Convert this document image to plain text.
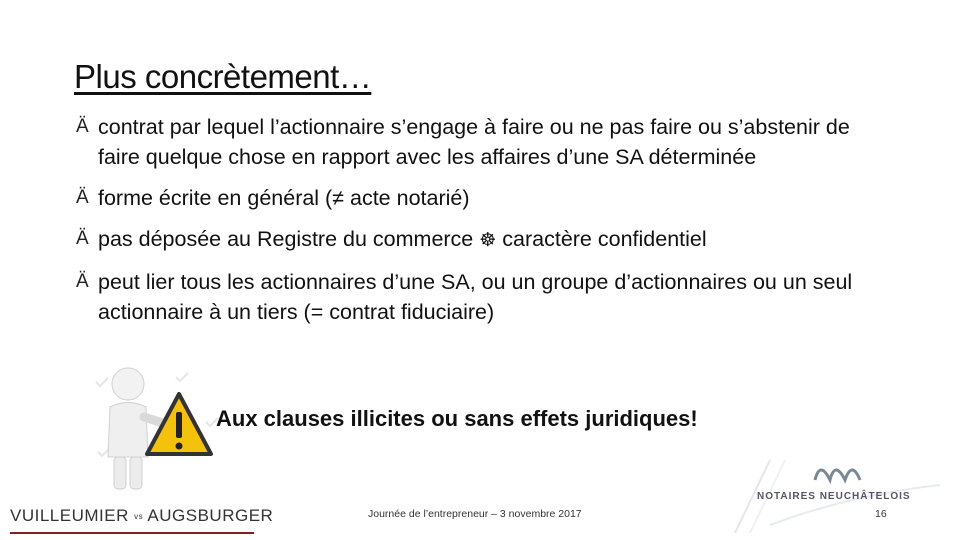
Plus concrètement…
Ä contrat par lequel l’actionnaire s’engage à faire ou ne pas faire ou s’abstenir de faire quelque chose en rapport avec les affaires d’une SA déterminée
Ä forme écrite en général (≠ acte notarié)
Ä pas déposée au Registre du commerce ☸ caractère confidentiel
Ä peut lier tous les actionnaires d’une SA, ou un groupe d’actionnaires ou un seul actionnaire à un tiers (= contrat fiduciaire)
Aux clauses illicites ou sans effets juridiques!
VUILLEUMIER vs AUGSBURGER	Journée de l’entrepreneur – 3 novembre 2017
NOTAIRES NEUCHÂTELOIS
16
